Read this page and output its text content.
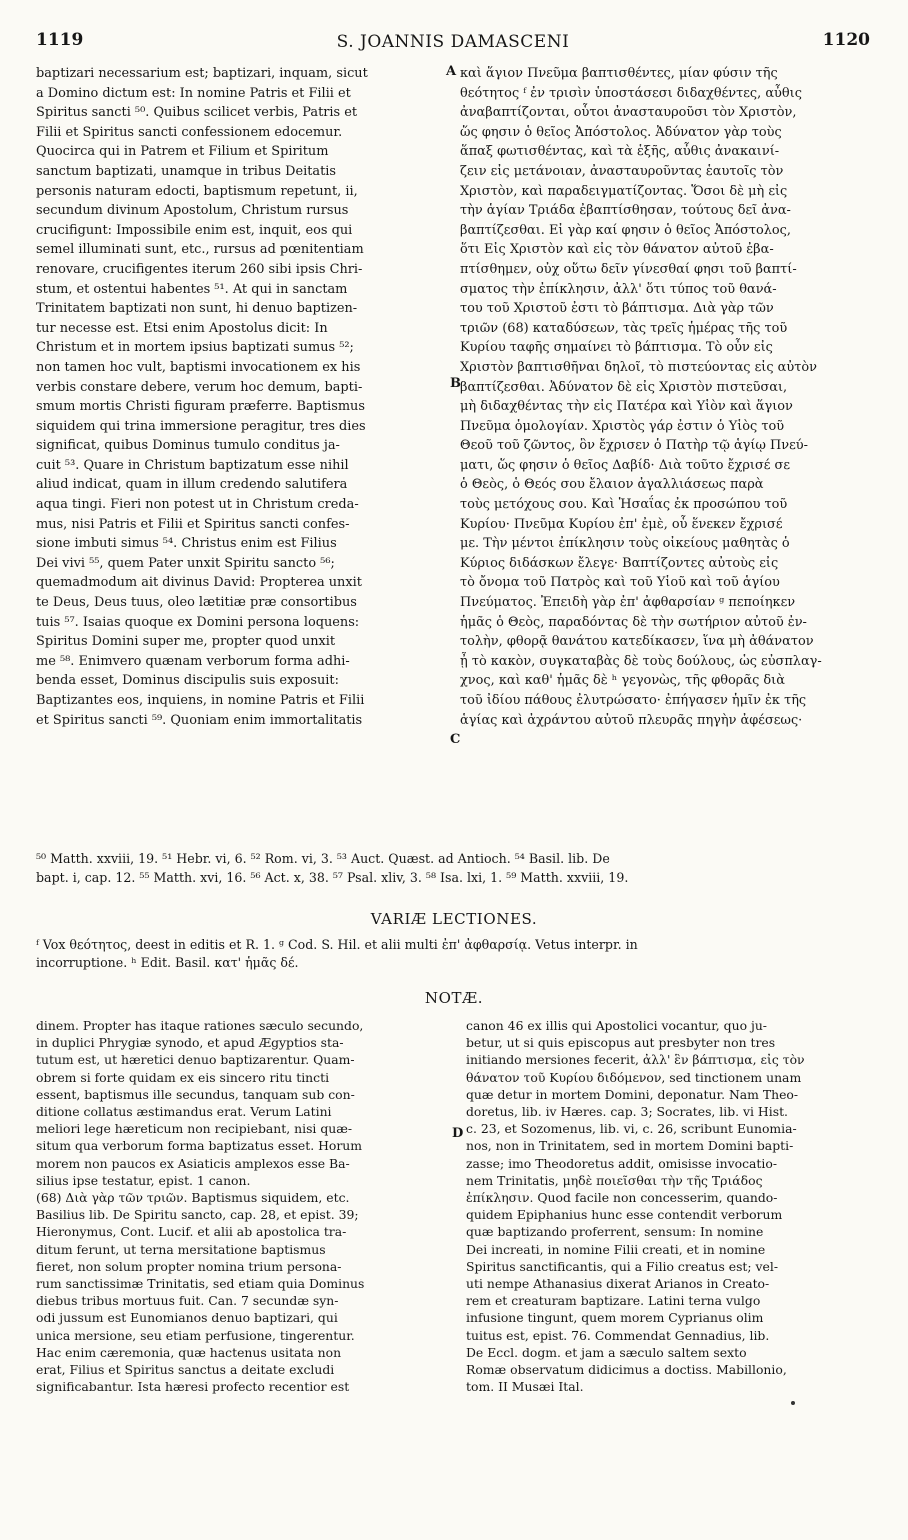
1119	S. JOANNIS DAMASCENI	1120
A
B
C
D
baptizari necessarium est; baptizari, inquam, sicut
a Domino dictum est: In nomine Patris et Filii et
Spiritus sancti ⁵⁰. Quibus scilicet verbis, Patris et
Filii et Spiritus sancti confessionem edocemur.
Quocirca qui in Patrem et Filium et Spiritum
sanctum baptizati, unamque in tribus Deitatis
personis naturam edocti, baptismum repetunt, ii,
secundum divinum Apostolum, Christum rursus
crucifigunt: Impossibile enim est, inquit, eos qui
semel illuminati sunt, etc., rursus ad pœnitentiam
renovare, crucifigentes iterum 260 sibi ipsis Chri-
stum, et ostentui habentes ⁵¹. At qui in sanctam
Trinitatem baptizati non sunt, hi denuo baptizen-
tur necesse est. Etsi enim Apostolus dicit: In
Christum et in mortem ipsius baptizati sumus ⁵²;
non tamen hoc vult, baptismi invocationem ex his
verbis constare debere, verum hoc demum, bapti-
smum mortis Christi figuram præferre. Baptismus
siquidem qui trina immersione peragitur, tres dies
significat, quibus Dominus tumulo conditus ja-
cuit ⁵³. Quare in Christum baptizatum esse nihil
aliud indicat, quam in illum credendo salutifera
aqua tingi. Fieri non potest ut in Christum creda-
mus, nisi Patris et Filii et Spiritus sancti confes-
sione imbuti simus ⁵⁴. Christus enim est Filius
Dei vivi ⁵⁵, quem Pater unxit Spiritu sancto ⁵⁶;
quemadmodum ait divinus David: Propterea unxit
te Deus, Deus tuus, oleo lætitiæ præ consortibus
tuis ⁵⁷. Isaias quoque ex Domini persona loquens:
Spiritus Domini super me, propter quod unxit
me ⁵⁸. Enimvero quænam verborum forma adhi-
benda esset, Dominus discipulis suis exposuit:
Baptizantes eos, inquiens, in nomine Patris et Filii
et Spiritus sancti ⁵⁹. Quoniam enim immortalitatis
καὶ ἅγιον Πνεῦμα βαπτισθέντες, μίαν φύσιν τῆς
θεότητος ᶠ ἐν τρισὶν ὑποστάσεσι διδαχθέντες, αὖθις
ἀναβαπτίζονται, οὗτοι ἀνασταυροῦσι τὸν Χριστὸν,
ὥς φησιν ὁ θεῖος Ἀπόστολος. Ἀδύνατον γὰρ τοὺς
ἅπαξ φωτισθέντας, καὶ τὰ ἑξῆς, αὖθις ἀνακαινί-
ζειν εἰς μετάνοιαν, ἀνασταυροῦντας ἑαυτοῖς τὸν
Χριστὸν, καὶ παραδειγματίζοντας. Ὅσοι δὲ μὴ εἰς
τὴν ἁγίαν Τριάδα ἐβαπτίσθησαν, τούτους δεῖ ἀνα-
βαπτίζεσθαι. Εἰ γὰρ καί φησιν ὁ θεῖος Ἀπόστολος,
ὅτι Εἰς Χριστὸν καὶ εἰς τὸν θάνατον αὐτοῦ ἐβα-
πτίσθημεν, οὐχ οὕτω δεῖν γίνεσθαί φησι τοῦ βαπτί-
σματος τὴν ἐπίκλησιν, ἀλλ' ὅτι τύπος τοῦ θανά-
του τοῦ Χριστοῦ ἐστι τὸ βάπτισμα. Διὰ γὰρ τῶν
τριῶν (68) καταδύσεων, τὰς τρεῖς ἡμέρας τῆς τοῦ
Κυρίου ταφῆς σημαίνει τὸ βάπτισμα. Τὸ οὖν εἰς
Χριστὸν βαπτισθῆναι δηλοῖ, τὸ πιστεύοντας εἰς αὐτὸν
βαπτίζεσθαι. Ἀδύνατον δὲ εἰς Χριστὸν πιστεῦσαι,
μὴ διδαχθέντας τὴν εἰς Πατέρα καὶ Υἱὸν καὶ ἅγιον
Πνεῦμα ὁμολογίαν. Χριστὸς γάρ ἐστιν ὁ Υἱὸς τοῦ
Θεοῦ τοῦ ζῶντος, ὃν ἔχρισεν ὁ Πατὴρ τῷ ἁγίῳ Πνεύ-
ματι, ὥς φησιν ὁ θεῖος Δαβίδ· Διὰ τοῦτο ἔχρισέ σε
ὁ Θεὸς, ὁ Θεός σου ἔλαιον ἀγαλλιάσεως παρὰ
τοὺς μετόχους σου. Καὶ Ἡσαΐας ἐκ προσώπου τοῦ
Κυρίου· Πνεῦμα Κυρίου ἐπ' ἐμὲ, οὗ ἕνεκεν ἔχρισέ
με. Τὴν μέντοι ἐπίκλησιν τοὺς οἰκείους μαθητὰς ὁ
Κύριος διδάσκων ἔλεγε· Βαπτίζοντες αὐτοὺς εἰς
τὸ ὄνομα τοῦ Πατρὸς καὶ τοῦ Υἱοῦ καὶ τοῦ ἁγίου
Πνεύματος. Ἐπειδὴ γὰρ ἐπ' ἀφθαρσίαν ᵍ πεποίηκεν
ἡμᾶς ὁ Θεὸς, παραδόντας δὲ τὴν σωτήριον αὐτοῦ ἐν-
τολὴν, φθορᾷ θανάτου κατεδίκασεν, ἵνα μὴ ἀθάνατον
ᾖ τὸ κακὸν, συγκαταβὰς δὲ τοὺς δούλους, ὡς εὐσπλαγ-
χνος, καὶ καθ' ἡμᾶς δὲ ʰ γεγονὼς, τῆς φθορᾶς διὰ
τοῦ ἰδίου πάθους ἐλυτρώσατο· ἐπήγασεν ἡμῖν ἐκ τῆς
ἁγίας καὶ ἀχράντου αὐτοῦ πλευρᾶς πηγὴν ἀφέσεως·
⁵⁰ Matth. xxviii, 19. ⁵¹ Hebr. vi, 6. ⁵² Rom. vi, 3. ⁵³ Auct. Quæst. ad Antioch. ⁵⁴ Basil. lib. De
bapt. i, cap. 12. ⁵⁵ Matth. xvi, 16. ⁵⁶ Act. x, 38. ⁵⁷ Psal. xliv, 3. ⁵⁸ Isa. lxi, 1. ⁵⁹ Matth. xxviii, 19.
VARIÆ LECTIONES.
ᶠ Vox θεότητος, deest in editis et R. 1. ᵍ Cod. S. Hil. et alii multi ἐπ' ἀφθαρσίᾳ. Vetus interpr. in
incorruptione. ʰ Edit. Basil. κατ' ἡμᾶς δέ.
NOTÆ.
dinem. Propter has itaque rationes sæculo secundo,
in duplici Phrygiæ synodo, et apud Ægyptios sta-
tutum est, ut hæretici denuo baptizarentur. Quam-
obrem si forte quidam ex eis sincero ritu tincti
essent, baptismus ille secundus, tanquam sub con-
ditione collatus æstimandus erat. Verum Latini
meliori lege hæreticum non recipiebant, nisi quæ-
situm qua verborum forma baptizatus esset. Horum
morem non paucos ex Asiaticis amplexos esse Ba-
silius ipse testatur, epist. 1 canon.
(68) Διὰ γὰρ τῶν τριῶν. Baptismus siquidem, etc.
Basilius lib. De Spiritu sancto, cap. 28, et epist. 39;
Hieronymus, Cont. Lucif. et alii ab apostolica tra-
ditum ferunt, ut terna mersitatione baptismus
fieret, non solum propter nomina trium persona-
rum sanctissimæ Trinitatis, sed etiam quia Dominus
diebus tribus mortuus fuit. Can. 7 secundæ syn-
odi jussum est Eunomianos denuo baptizari, qui
unica mersione, seu etiam perfusione, tingerentur.
Hac enim cæremonia, quæ hactenus usitata non
erat, Filius et Spiritus sanctus a deitate excludi
significabantur. Ista hæresi profecto recentior est
canon 46 ex illis qui Apostolici vocantur, quo ju-
betur, ut si quis episcopus aut presbyter non tres
initiando mersiones fecerit, ἀλλ' ἓν βάπτισμα, εἰς τὸν
θάνατον τοῦ Κυρίου διδόμενον, sed tinctionem unam
quæ detur in mortem Domini, deponatur. Nam Theo-
doretus, lib. iv Hæres. cap. 3; Socrates, lib. vi Hist.
c. 23, et Sozomenus, lib. vi, c. 26, scribunt Eunomia-
nos, non in Trinitatem, sed in mortem Domini bapti-
zasse; imo Theodoretus addit, omisisse invocatio-
nem Trinitatis, μηδὲ ποιεῖσθαι τὴν τῆς Τριάδος
ἐπίκλησιν. Quod facile non concesserim, quando-
quidem Epiphanius hunc esse contendit verborum
quæ baptizando proferrent, sensum: In nomine
Dei increati, in nomine Filii creati, et in nomine
Spiritus sanctificantis, qui a Filio creatus est; vel-
uti nempe Athanasius dixerat Arianos in Creato-
rem et creaturam baptizare. Latini terna vulgo
infusione tingunt, quem morem Cyprianus olim
tuitus est, epist. 76. Commendat Gennadius, lib.
De Eccl. dogm. et jam a sæculo saltem sexto
Romæ observatum didicimus a doctiss. Mabillonio,
tom. II Musæi Ital.
